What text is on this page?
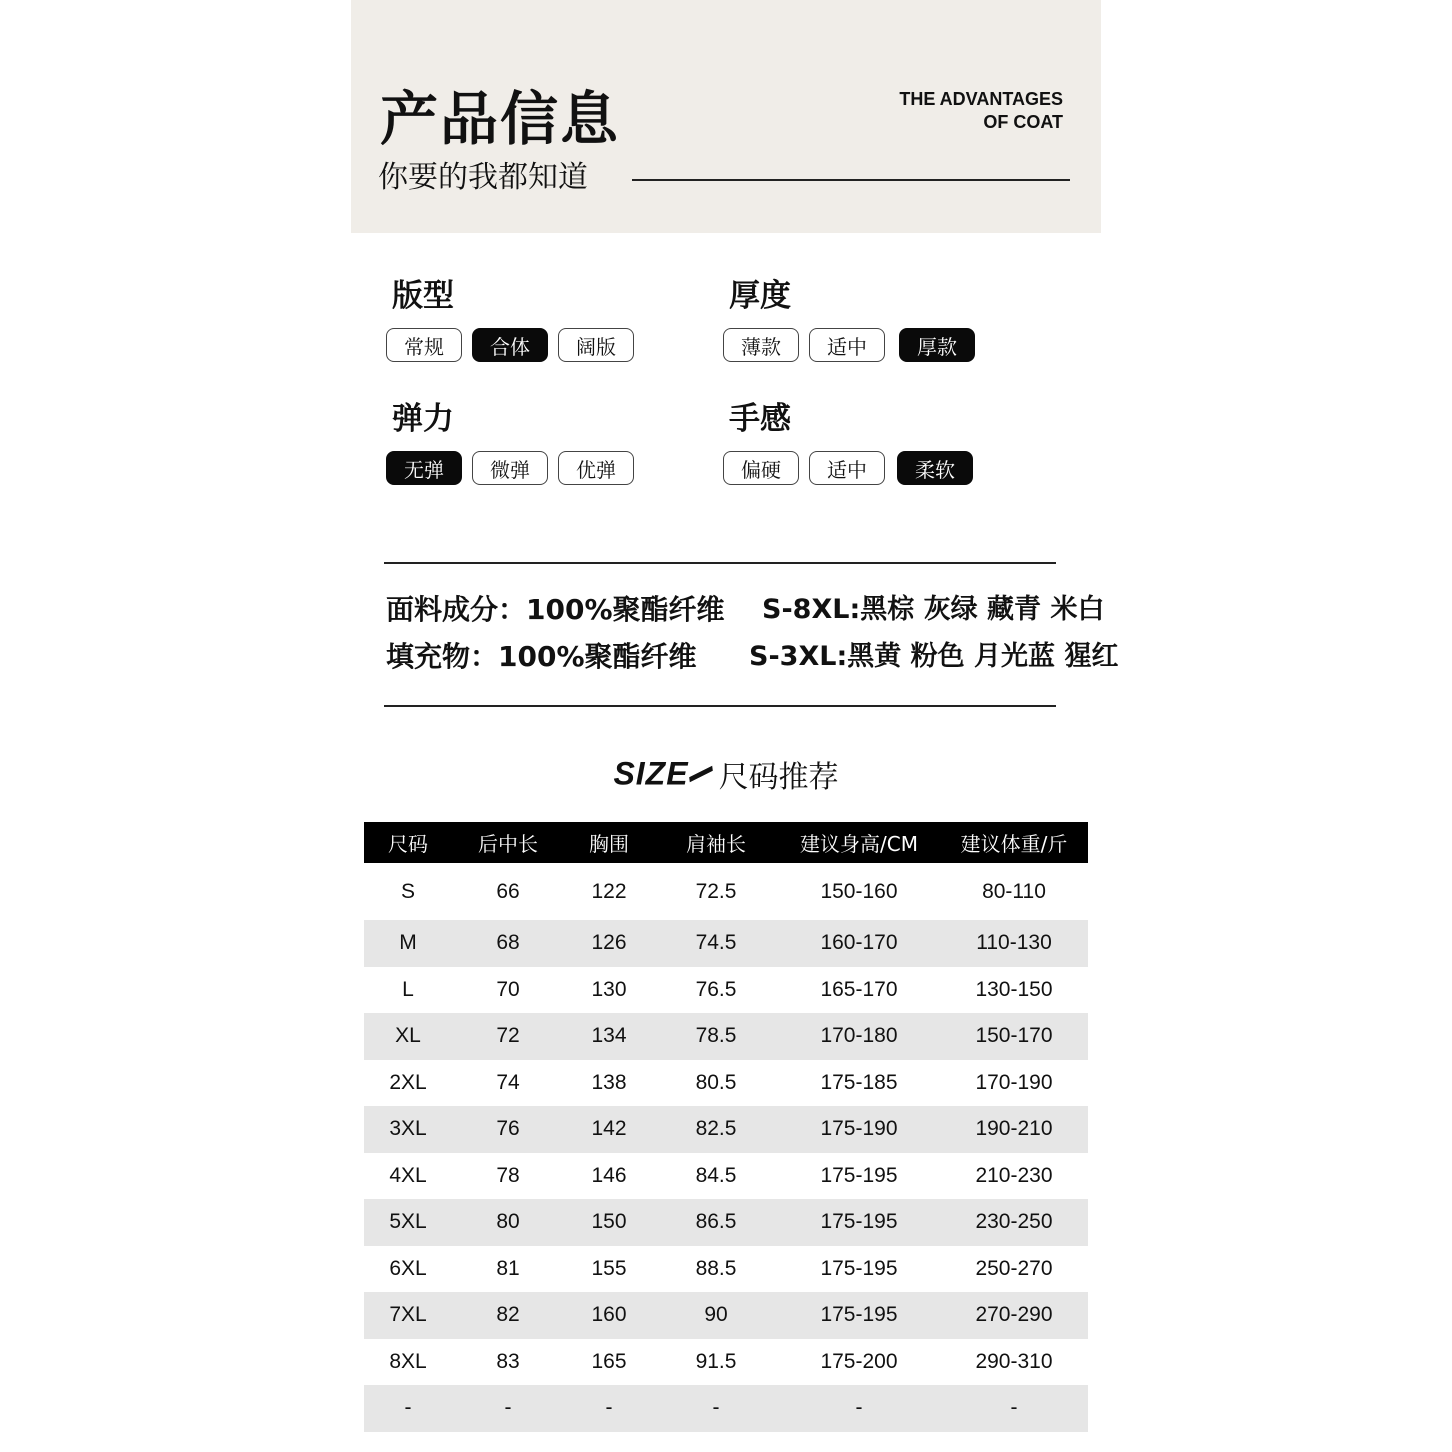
产品信息
你要的我都知道
THE ADVANTAGES
OF COAT
版型
常规	合体	阔版
厚度
薄款	适中	厚款
弹力
无弹	微弹	优弹
手感
偏硬	适中	柔软
面料成分：100%聚酯纤维 S-8XL:黑棕 灰绿 藏青 米白
填充物：100%聚酯纤维 S-3XL:黑黄 粉色 月光蓝 猩红
SIZE 尺码推荐
尺码	后中长	胸围	肩袖长	建议身高/CM	建议体重/斤
S	66	122	72.5	150-160	80-110
M	68	126	74.5	160-170	110-130
L	70	130	76.5	165-170	130-150
XL	72	134	78.5	170-180	150-170
2XL	74	138	80.5	175-185	170-190
3XL	76	142	82.5	175-190	190-210
4XL	78	146	84.5	175-195	210-230
5XL	80	150	86.5	175-195	230-250
6XL	81	155	88.5	175-195	250-270
7XL	82	160	90	175-195	270-290
8XL	83	165	91.5	175-200	290-310
-	-	-	-	-	-
